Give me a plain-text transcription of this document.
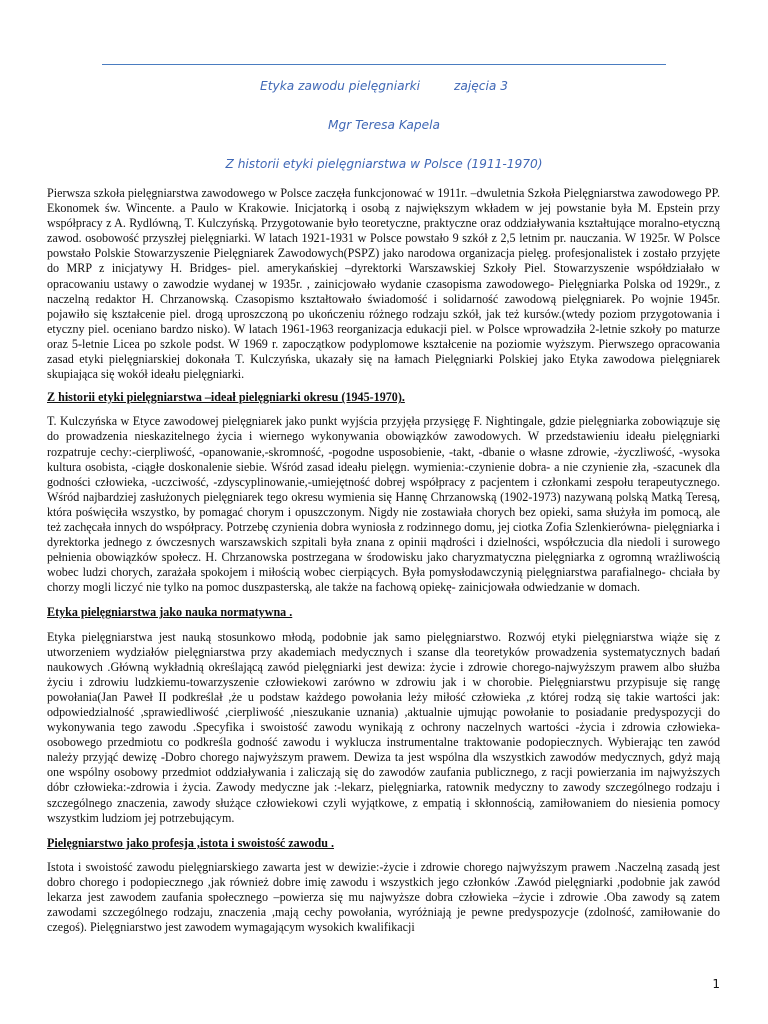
Etyka zawodu pielęgniarki	zajęcia 3
Mgr Teresa Kapela
Z historii etyki pielęgniarstwa w Polsce (1911-1970)

Pierwsza szkoła pielęgniarstwa zawodowego w Polsce zaczęła funkcjonować w 1911r. –dwuletnia Szkoła Pielęgniarstwa zawodowego PP. Ekonomek św. Wincente. a Paulo w Krakowie. Inicjatorką i osobą z największym wkładem w jej powstanie była M. Epstein przy współpracy z A. Rydlówną, T. Kulczyńską. Przygotowanie było teoretyczne, praktyczne oraz oddziaływania kształtujące moralno-etyczną zawod. osobowość przyszłej pielęgniarki. W latach 1921-1931 w Polsce powstało 9 szkół z 2,5 letnim pr. nauczania. W 1925r. W Polsce powstało Polskie Stowarzyszenie Pielęgniarek Zawodowych(PSPZ) jako narodowa organizacja pielęg. profesjonalistek i zostało przyjęte do MRP z inicjatywy H. Bridges- piel. amerykańskiej –dyrektorki Warszawskiej Szkoły Piel. Stowarzyszenie współdziałało w opracowaniu ustawy o zawodzie wydanej w 1935r. , zainicjowało wydanie czasopisma zawodowego- Pielęgniarka Polska od 1929r., z naczelną redaktor H. Chrzanowską. Czasopismo kształtowało świadomość i solidarność zawodową pielęgniarek. Po wojnie 1945r. pojawiło się kształcenie piel. drogą uproszczoną po ukończeniu różnego rodzaju szkół, jak też kursów.(wtedy poziom przygotowania i etyczny piel. oceniano bardzo nisko). W latach 1961-1963 reorganizacja edukacji piel. w Polsce wprowadziła 2-letnie szkoły po maturze oraz 5-letnie Licea po szkole podst. W 1969 r. zapoczątkow podyplomowe kształcenie na poziomie wyższym. Pierwszego opracowania zasad etyki pielęgniarskiej dokonała T. Kulczyńska, ukazały się na łamach Pielęgniarki Polskiej jako Etyka zawodowa pielęgniarek skupiająca się wokół ideału pielęgniarki.

Z historii etyki pielęgniarstwa –ideał pielęgniarki okresu (1945-1970).

T. Kulczyńska w Etyce zawodowej pielęgniarek jako punkt wyjścia przyjęła przysięgę F. Nightingale, gdzie pielęgniarka zobowiązuje się do prowadzenia nieskazitelnego życia i wiernego wykonywania obowiązków zawodowych. W przedstawieniu ideału pielęgniarki rozpatruje cechy:-cierpliwość, -opanowanie,-skromność, -pogodne usposobienie, -takt, -dbanie o własne zdrowie, -życzliwość, -wysoka kultura osobista, -ciągłe doskonalenie siebie. Wśród zasad ideału pielęgn. wymienia:-czynienie dobra- a nie czynienie zła, -szacunek dla godności człowieka, -uczciwość, -zdyscyplinowanie,-umiejętność dobrej współpracy z pacjentem i członkami zespołu terapeutycznego. Wśród najbardziej zasłużonych pielęgniarek tego okresu wymienia się Hannę Chrzanowską (1902-1973) nazywaną polską Matką Teresą, która poświęciła wszystko, by pomagać chorym i opuszczonym. Nigdy nie zostawiała chorych bez opieki, sama służyła im pomocą, ale też zachęcała innych do współpracy. Potrzebę czynienia dobra wyniosła z rodzinnego domu, jej ciotka Zofia Szlenkierówna- pielęgniarka i dyrektorka jednego z ówczesnych warszawskich szpitali była znana z opinii mądrości i dzielności, współczucia dla niedoli i surowego pełnienia obowiązków społecz. H. Chrzanowska postrzegana w środowisku jako charyzmatyczna pielęgniarka z ogromną wrażliwością wobec ludzi chorych, zarażała spokojem i miłością wobec cierpiących. Była pomysłodawczynią pielęgniarstwa parafialnego- chciała by chorzy mogli liczyć nie tylko na pomoc duszpasterską, ale także na fachową opiekę- zainicjowała odwiedzanie w domach.

Etyka pielęgniarstwa jako nauka normatywna .

Etyka pielęgniarstwa jest nauką stosunkowo młodą, podobnie jak samo pielęgniarstwo. Rozwój etyki pielęgniarstwa wiąże się z utworzeniem wydziałów pielęgniarstwa przy akademiach medycznych i szanse dla teoretyków prowadzenia systematycznych badań naukowych .Główną wykładnią określającą zawód pielęgniarki jest dewiza: życie i zdrowie chorego-najwyższym prawem albo służba życiu i zdrowiu ludzkiemu-towarzyszenie człowiekowi zarówno w zdrowiu jak i w chorobie. Pielęgniarstwu przypisuje się rangę powołania(Jan Paweł II podkreślał ,że u podstaw każdego powołania leży miłość człowieka ,z której rodzą się takie wartości jak: odpowiedzialność ,sprawiedliwość ,cierpliwość ,nieszukanie uznania) ,aktualnie ujmując powołanie to posiadanie predyspozycji do wykonywania tego zawodu .Specyfika i swoistość zawodu wynikają z ochrony naczelnych wartości -życia i zdrowia człowieka- osobowego przedmiotu co podkreśla godność zawodu i wyklucza instrumentalne traktowanie podopiecznych. Wybierając ten zawód należy przyjąć dewizę -Dobro chorego najwyższym prawem. Dewiza ta jest wspólna dla wszystkich zawodów medycznych, gdyż mają one wspólny osobowy przedmiot oddziaływania i zaliczają się do zawodów zaufania publicznego, z racji powierzania im najwyższych dóbr człowieka:-zdrowia i życia. Zawody medyczne jak :-lekarz, pielęgniarka, ratownik medyczny to zawody szczególnego rodzaju i szczególnego znaczenia, zawody służące człowiekowi czyli wyjątkowe, z empatią i skłonnością, zamiłowaniem do niesienia pomocy wszystkim ludziom jej potrzebującym.

Pielęgniarstwo jako profesja ,istota i swoistość zawodu .

Istota i swoistość zawodu pielęgniarskiego zawarta jest w dewizie:-życie i zdrowie chorego najwyższym prawem .Naczelną zasadą jest dobro chorego i podopiecznego ,jak również dobre imię zawodu i wszystkich jego członków .Zawód pielęgniarki ,podobnie jak zawód lekarza jest zawodem zaufania społecznego –powierza się mu najwyższe dobra człowieka –życie i zdrowie .Oba zawody są zatem zawodami szczególnego rodzaju, znaczenia ,mają cechy powołania, wyróżniają je pewne predyspozycje (zdolność, zamiłowanie do czegoś). Pielęgniarstwo jest zawodem wymagającym wysokich kwalifikacji

1
